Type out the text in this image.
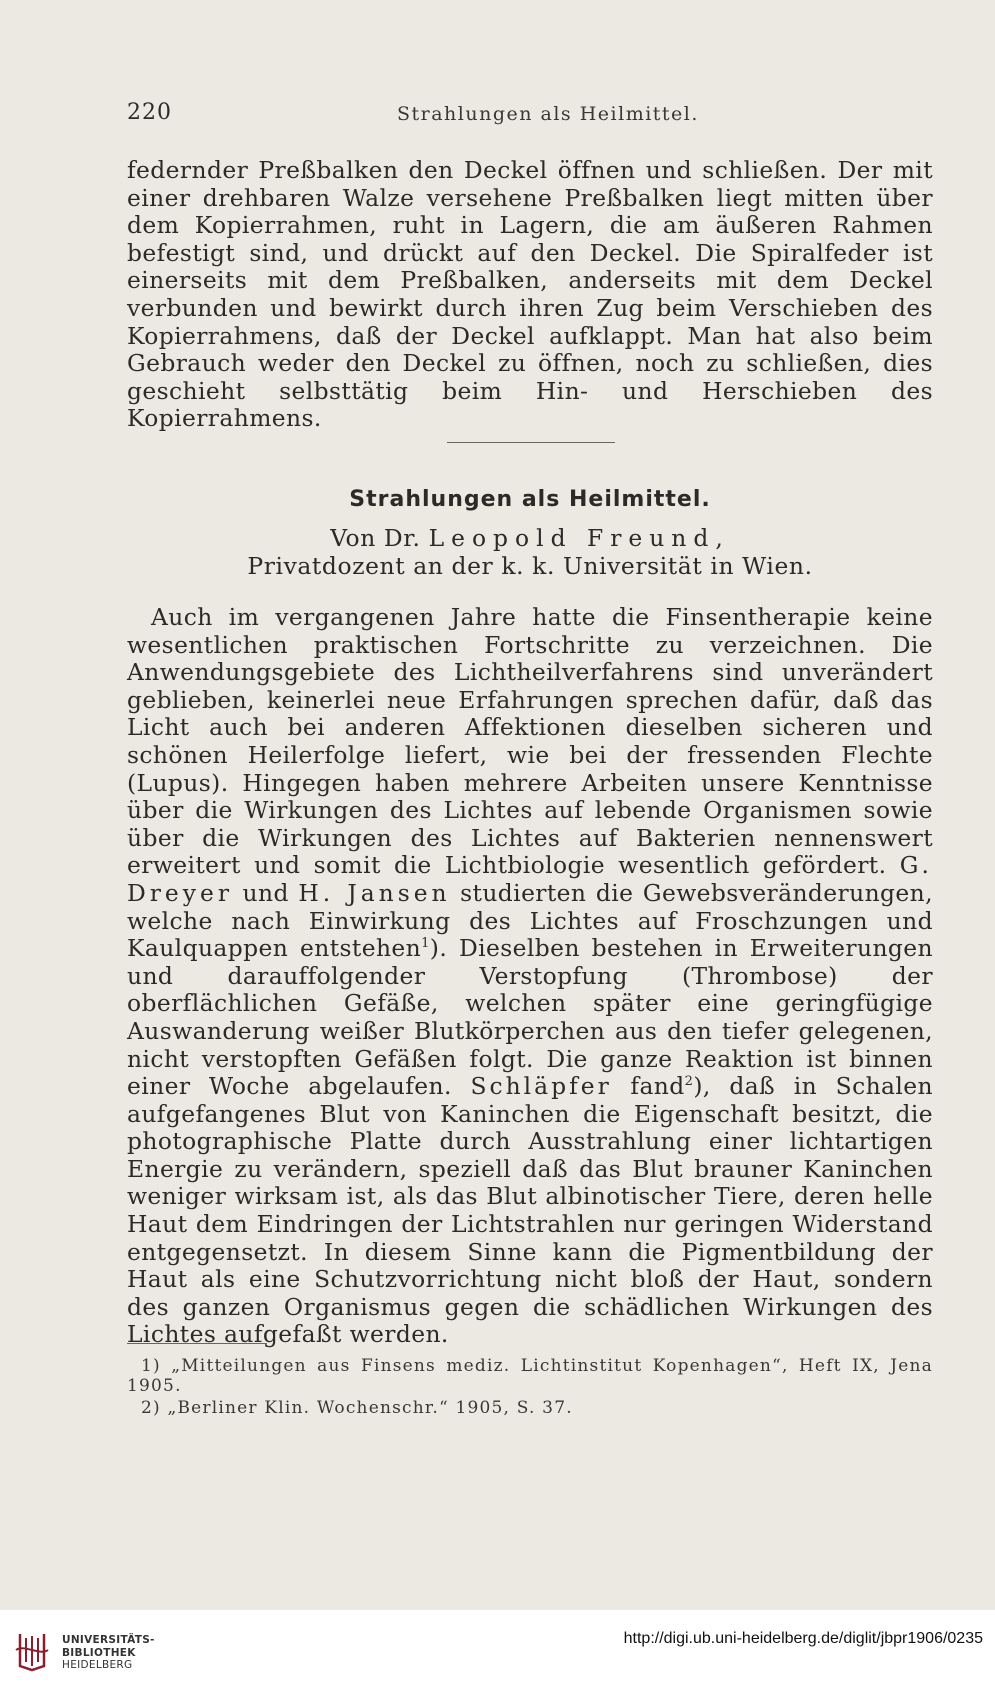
220	Strahlungen als Heilmittel.

federnder Preßbalken den Deckel öffnen und schließen. Der mit einer drehbaren Walze versehene Preßbalken liegt mitten über dem Kopierrahmen, ruht in Lagern, die am äußeren Rahmen befestigt sind, und drückt auf den Deckel. Die Spiralfeder ist einerseits mit dem Preßbalken, anderseits mit dem Deckel verbunden und bewirkt durch ihren Zug beim Verschieben des Kopierrahmens, daß der Deckel aufklappt. Man hat also beim Gebrauch weder den Deckel zu öffnen, noch zu schließen, dies geschieht selbsttätig beim Hin- und Herschieben des Kopierrahmens.

Strahlungen als Heilmittel.
Von Dr. Leopold Freund,
Privatdozent an der k. k. Universität in Wien.

Auch im vergangenen Jahre hatte die Finsentherapie keine wesentlichen praktischen Fortschritte zu verzeichnen. Die Anwendungsgebiete des Lichtheilverfahrens sind unverändert geblieben, keinerlei neue Erfahrungen sprechen dafür, daß das Licht auch bei anderen Affektionen dieselben sicheren und schönen Heilerfolge liefert, wie bei der fressenden Flechte (Lupus). Hingegen haben mehrere Arbeiten unsere Kenntnisse über die Wirkungen des Lichtes auf lebende Organismen sowie über die Wirkungen des Lichtes auf Bakterien nennenswert erweitert und somit die Lichtbiologie wesentlich gefördert. G. Dreyer und H. Jansen studierten die Gewebsveränderungen, welche nach Einwirkung des Lichtes auf Froschzungen und Kaulquappen entstehen$^1$). Dieselben bestehen in Erweiterungen und darauffolgender Verstopfung (Thrombose) der oberflächlichen Gefäße, welchen später eine geringfügige Auswanderung weißer Blutkörperchen aus den tiefer gelegenen, nicht verstopften Gefäßen folgt. Die ganze Reaktion ist binnen einer Woche abgelaufen. Schläpfer fand$^2$), daß in Schalen aufgefangenes Blut von Kaninchen die Eigenschaft besitzt, die photographische Platte durch Ausstrahlung einer lichtartigen Energie zu verändern, speziell daß das Blut brauner Kaninchen weniger wirksam ist, als das Blut albinotischer Tiere, deren helle Haut dem Eindringen der Lichtstrahlen nur geringen Widerstand entgegensetzt. In diesem Sinne kann die Pigmentbildung der Haut als eine Schutzvorrichtung nicht bloß der Haut, sondern des ganzen Organismus gegen die schädlichen Wirkungen des Lichtes aufgefaßt werden.

1) „Mitteilungen aus Finsens mediz. Lichtinstitut Kopenhagen“, Heft IX, Jena 1905.

2) „Berliner Klin. Wochenschr.“ 1905, S. 37.

UNIVERSITÄTS-
BIBLIOTHEK
HEIDELBERG
http://digi.ub.uni-heidelberg.de/diglit/jbpr1906/0235
